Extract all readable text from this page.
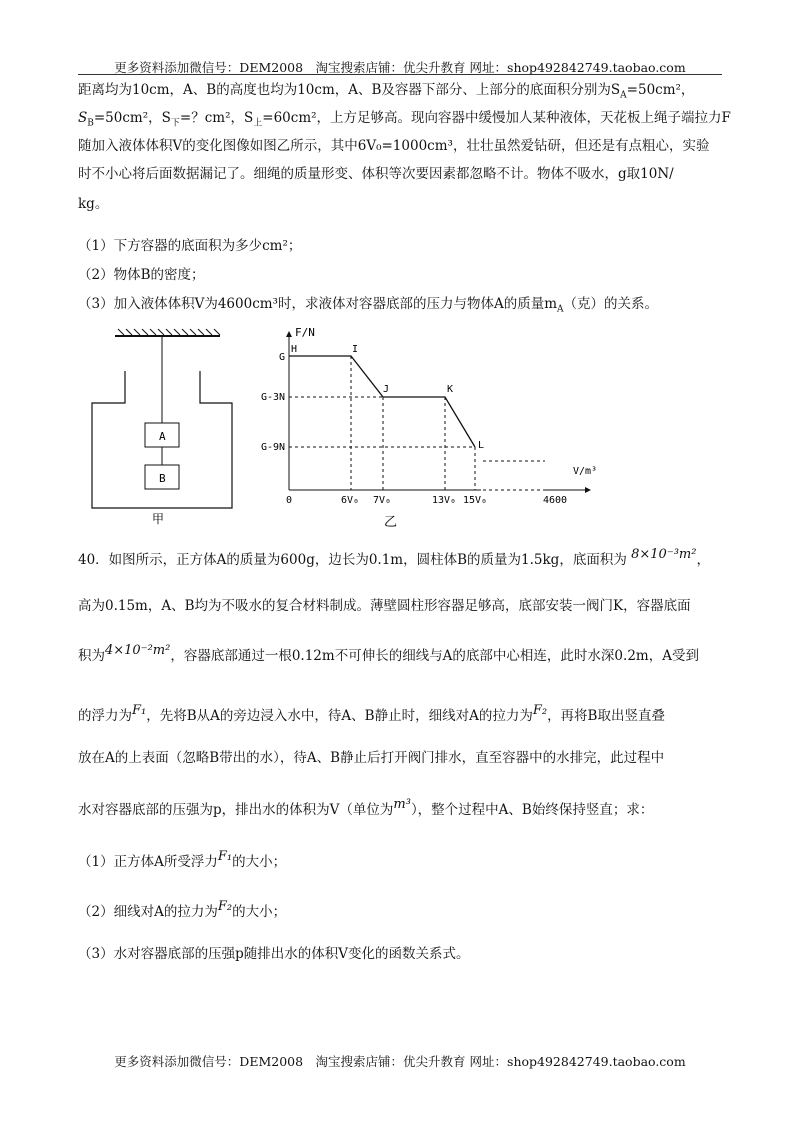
更多资料添加微信号：DEM2008　淘宝搜索店铺：优尖升教育 网址：shop492842749.taobao.com
距离均为10cm，A、B的高度也均为10cm，A、B及容器下部分、上部分的底面积分别为$S_A=50cm^2$，
$S_B=50cm^2$，$S_下=$？cm²，$S_上=60cm^2$，上方足够高。现向容器中缓慢加人某种液体，天花板上绳子端拉力F
随加入液体体积V的变化图像如图乙所示，其中6V₀=1000cm³，壮壮虽然爱钻研，但还是有点粗心，实验
时不小心将后面数据漏记了。细绳的质量形变、体积等次要因素都忽略不计。物体不吸水，g取10N/
kg。
（1）下方容器的底面积为多少cm²；
（2）物体B的密度；
（3）加入液体体积V为4600cm³时，求液体对容器底部的压力与物体A的质量$m_A$（克）的关系。
A
B
甲
F/N
V/m³
G
G-3N
G-9N
H	I
J	K
L
0	6V₀ 7V₀	13V₀ 15V₀	4600
乙
40．如图所示，正方体A的质量为600g，边长为0.1m，圆柱体B的质量为1.5kg，底面积为 8×10⁻³m²，
高为0.15m，A、B均为不吸水的复合材料制成。薄壁圆柱形容器足够高，底部安装一阀门K，容器底面
积为4×10⁻²m²，容器底部通过一根0.12m不可伸长的细线与A的底部中心相连，此时水深0.2m，A受到
的浮力为F₁，先将B从A的旁边浸入水中，待A、B静止时，细线对A的拉力为F₂，再将B取出竖直叠
放在A的上表面（忽略B带出的水），待A、B静止后打开阀门排水，直至容器中的水排完，此过程中
水对容器底部的压强为p，排出水的体积为V（单位为m³），整个过程中A、B始终保持竖直；求：
（1）正方体A所受浮力F₁的大小；
（2）细线对A的拉力为F₂的大小；
（3）水对容器底部的压强p随排出水的体积V变化的函数关系式。
更多资料添加微信号：DEM2008　淘宝搜索店铺：优尖升教育 网址：shop492842749.taobao.com
